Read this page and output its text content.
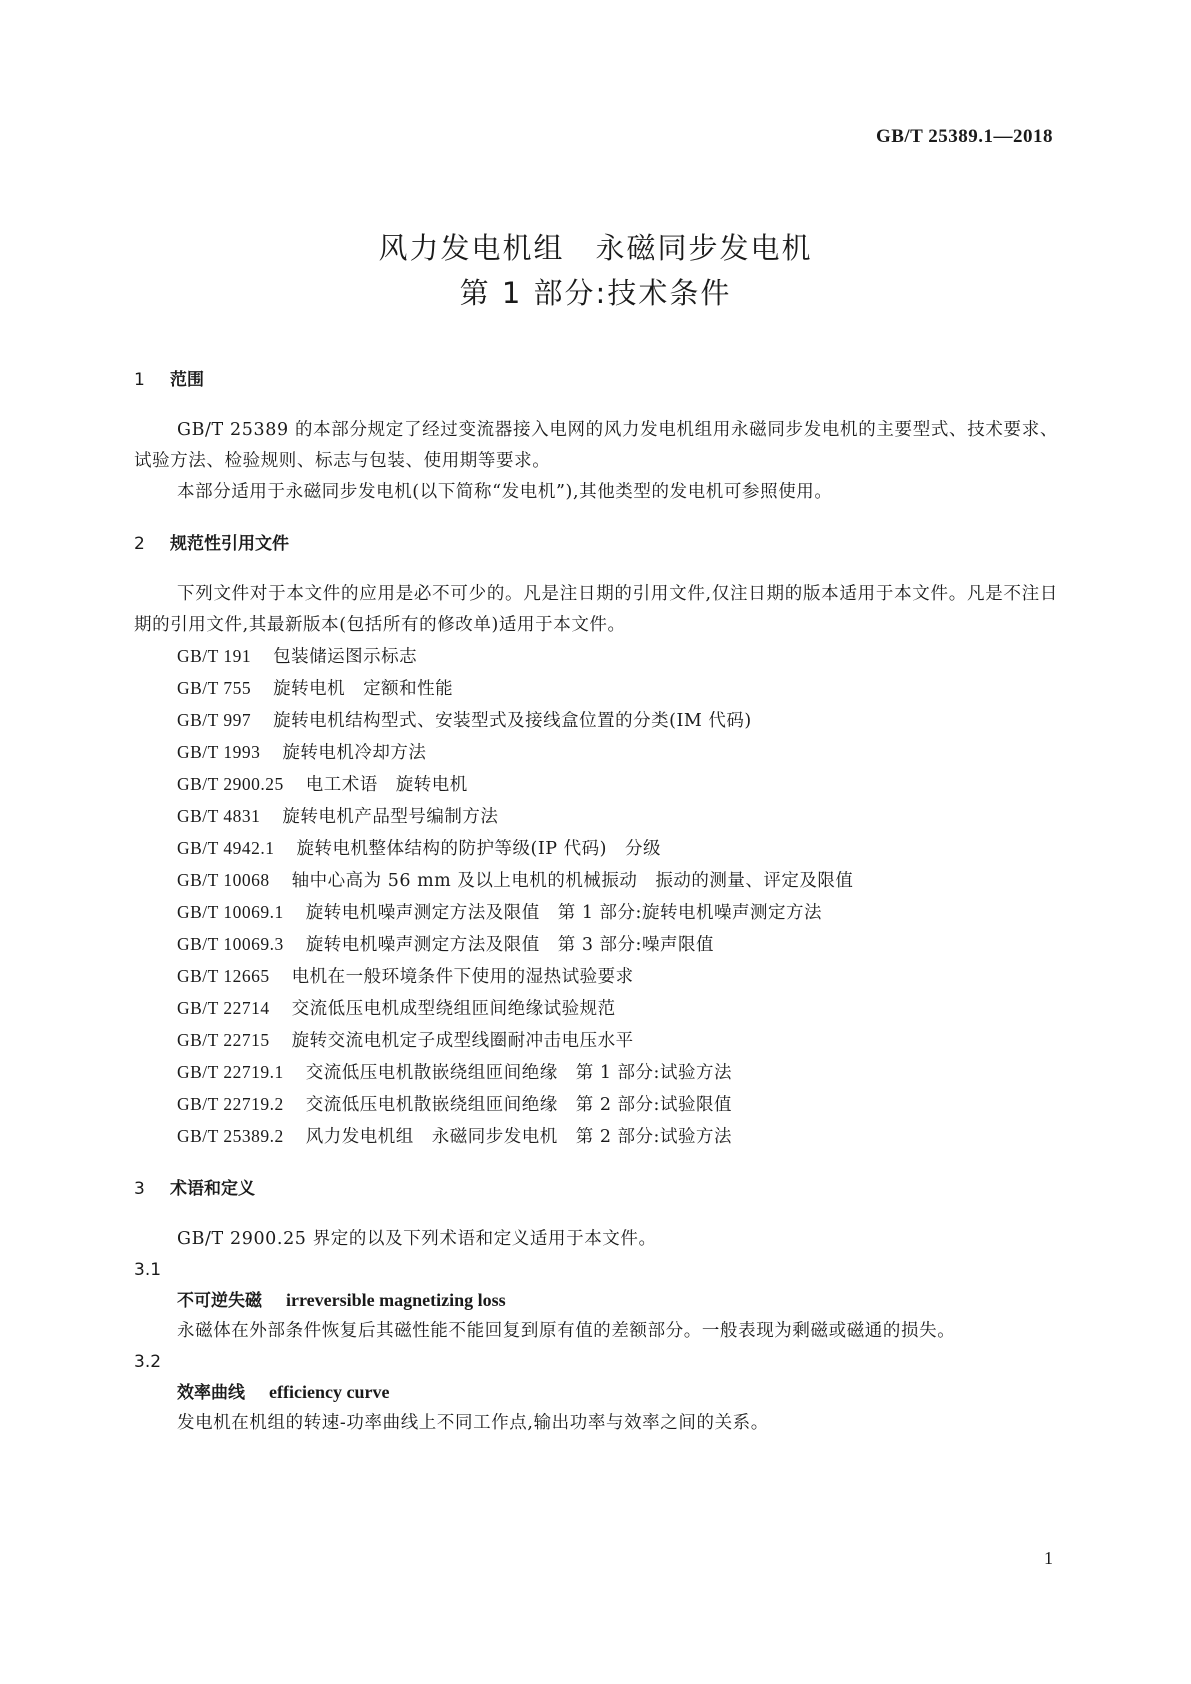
GB/T 25389.1—2018
风力发电机组　永磁同步发电机
第 1 部分:技术条件
1 范围

GB/T 25389 的本部分规定了经过变流器接入电网的风力发电机组用永磁同步发电机的主要型式、技术要求、试验方法、检验规则、标志与包装、使用期等要求。

本部分适用于永磁同步发电机(以下简称“发电机”),其他类型的发电机可参照使用。

2 规范性引用文件

下列文件对于本文件的应用是必不可少的。凡是注日期的引用文件,仅注日期的版本适用于本文件。凡是不注日期的引用文件,其最新版本(包括所有的修改单)适用于本文件。

GB/T 191 包装储运图示标志
GB/T 755 旋转电机　定额和性能
GB/T 997 旋转电机结构型式、安装型式及接线盒位置的分类(IM 代码)
GB/T 1993 旋转电机冷却方法
GB/T 2900.25 电工术语　旋转电机
GB/T 4831 旋转电机产品型号编制方法
GB/T 4942.1 旋转电机整体结构的防护等级(IP 代码)　分级
GB/T 10068 轴中心高为 56 mm 及以上电机的机械振动　振动的测量、评定及限值
GB/T 10069.1 旋转电机噪声测定方法及限值　第 1 部分:旋转电机噪声测定方法
GB/T 10069.3 旋转电机噪声测定方法及限值　第 3 部分:噪声限值
GB/T 12665 电机在一般环境条件下使用的湿热试验要求
GB/T 22714 交流低压电机成型绕组匝间绝缘试验规范
GB/T 22715 旋转交流电机定子成型线圈耐冲击电压水平
GB/T 22719.1 交流低压电机散嵌绕组匝间绝缘　第 1 部分:试验方法
GB/T 22719.2 交流低压电机散嵌绕组匝间绝缘　第 2 部分:试验限值
GB/T 25389.2 风力发电机组　永磁同步发电机　第 2 部分:试验方法
3 术语和定义

GB/T 2900.25 界定的以及下列术语和定义适用于本文件。

3.1
不可逆失磁 irreversible magnetizing loss

永磁体在外部条件恢复后其磁性能不能回复到原有值的差额部分。一般表现为剩磁或磁通的损失。

3.2
效率曲线 efficiency curve

发电机在机组的转速-功率曲线上不同工作点,输出功率与效率之间的关系。

1
